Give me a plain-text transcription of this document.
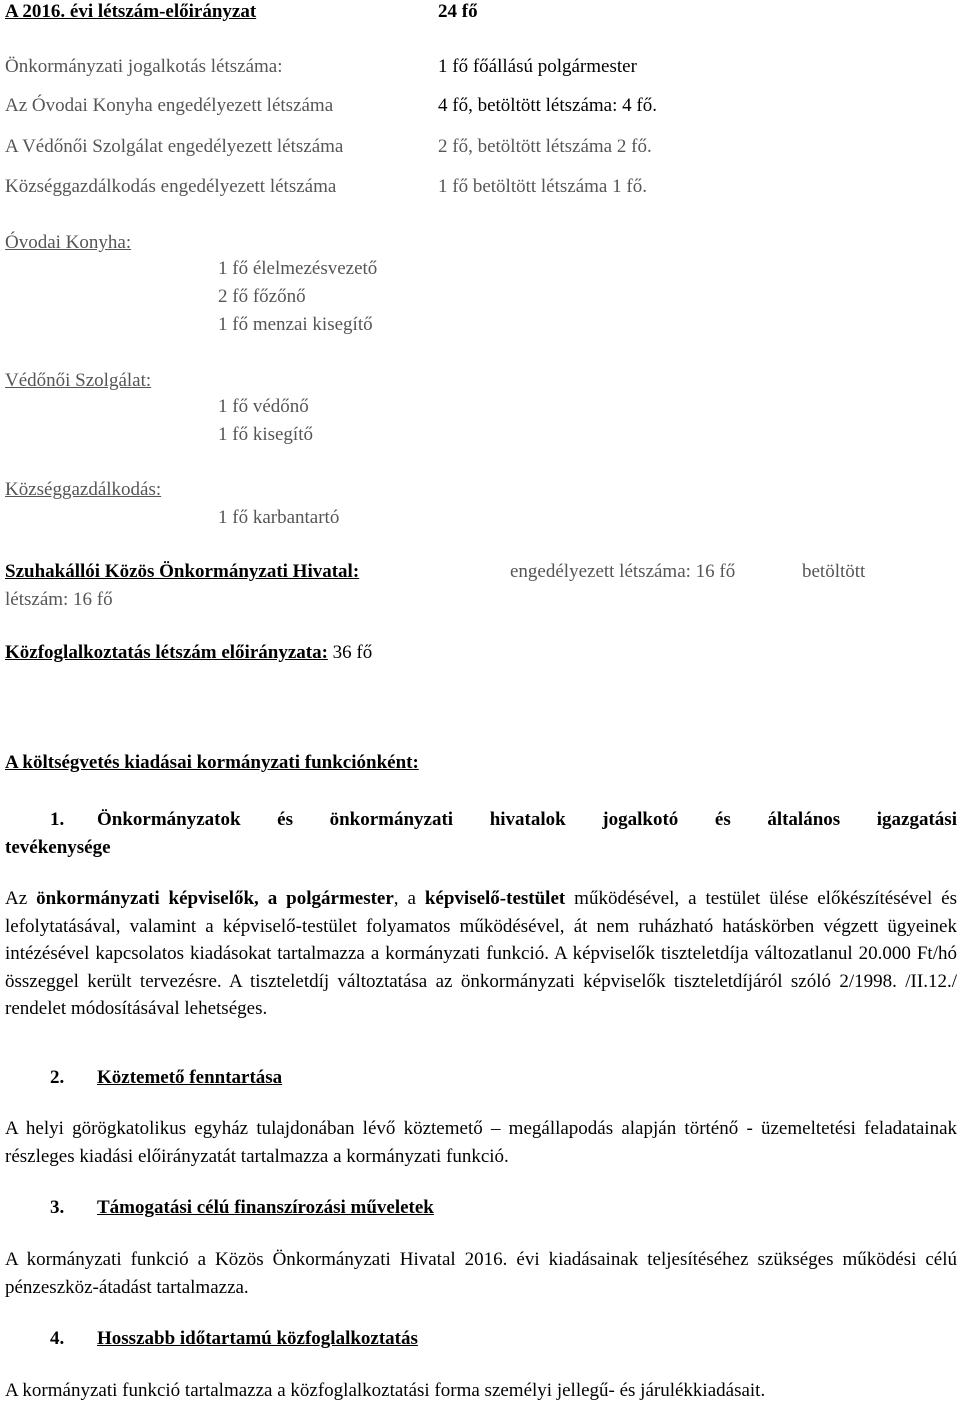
A 2016. évi létszám-előirányzat	24 fő
Önkormányzati jogalkotás létszáma:	1 fő főállású polgármester
Az Óvodai Konyha engedélyezett létszáma	4 fő, betöltött létszáma: 4 fő.
A Védőnői Szolgálat engedélyezett létszáma	2 fő, betöltött létszáma 2 fő.
Községgazdálkodás engedélyezett létszáma	1 fő betöltött létszáma 1 fő.
Óvodai Konyha:
1 fő élelmezésvezető
2 fő főzőnő
1 fő menzai kisegítő
Védőnői Szolgálat:
1 fő védőnő
1 fő kisegítő
Községgazdálkodás:
1 fő karbantartó
Szuhakállói Közös Önkormányzati Hivatal:	engedélyezett létszáma: 16 fő	betöltött
létszám: 16 fő
Közfoglalkoztatás létszám előirányzata: 36 fő
A költségvetés kiadásai kormányzati funkciónként:
1. Önkormányzatok és önkormányzati hivatalok jogalkotó és általános igazgatási
tevékenysége
Az önkormányzati képviselők, a polgármester, a képviselő-testület működésével, a testület ülése előkészítésével és lefolytatásával, valamint a képviselő-testület folyamatos működésével, át nem ruházható hatáskörben végzett ügyeinek intézésével kapcsolatos kiadásokat tartalmazza a kormányzati funkció. A képviselők tiszteletdíja változatlanul 20.000 Ft/hó összeggel került tervezésre. A tiszteletdíj változtatása az önkormányzati képviselők tiszteletdíjáról szóló 2/1998. /II.12./ rendelet módosításával lehetséges.
2. Köztemető fenntartása
A helyi görögkatolikus egyház tulajdonában lévő köztemető – megállapodás alapján történő - üzemeltetési feladatainak részleges kiadási előirányzatát tartalmazza a kormányzati funkció.
3. Támogatási célú finanszírozási műveletek
A kormányzati funkció a Közös Önkormányzati Hivatal 2016. évi kiadásainak teljesítéséhez szükséges működési célú pénzeszköz-átadást tartalmazza.
4. Hosszabb időtartamú közfoglalkoztatás
A kormányzati funkció tartalmazza a közfoglalkoztatási forma személyi jellegű- és járulékkiadásait.
